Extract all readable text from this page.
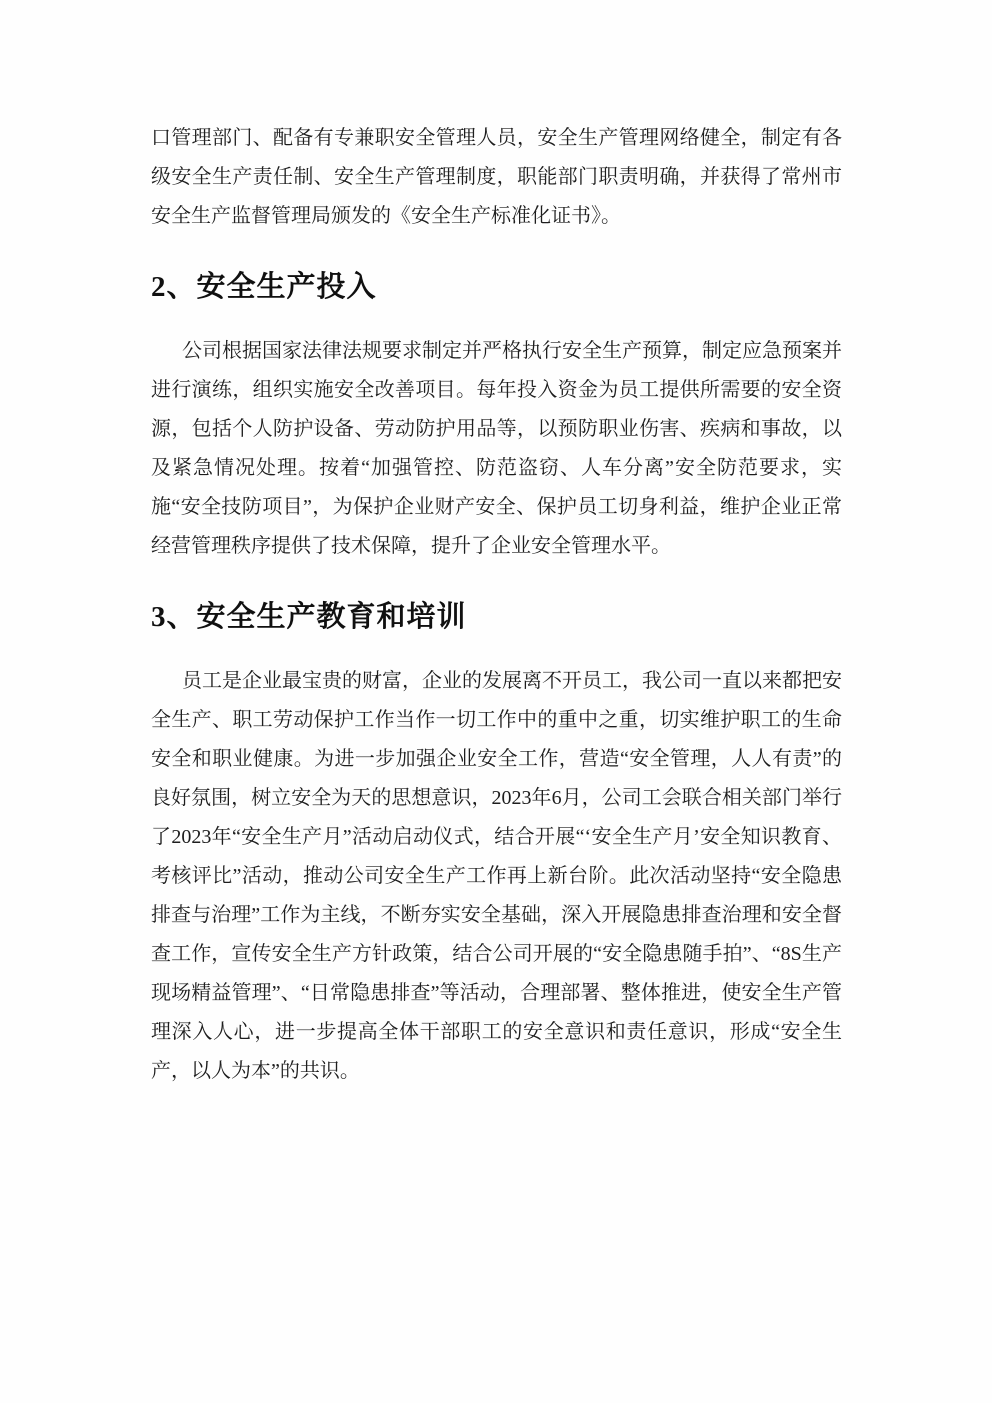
口管理部门、配备有专兼职安全管理人员，安全生产管理网络健全，制定有各级安全生产责任制、安全生产管理制度，职能部门职责明确，并获得了常州市安全生产监督管理局颁发的《安全生产标准化证书》。

2、安全生产投入

公司根据国家法律法规要求制定并严格执行安全生产预算，制定应急预案并进行演练，组织实施安全改善项目。每年投入资金为员工提供所需要的安全资源，包括个人防护设备、劳动防护用品等，以预防职业伤害、疾病和事故，以及紧急情况处理。按着“加强管控、防范盗窃、人车分离”安全防范要求，实施“安全技防项目”，为保护企业财产安全、保护员工切身利益，维护企业正常经营管理秩序提供了技术保障，提升了企业安全管理水平。

3、安全生产教育和培训

员工是企业最宝贵的财富，企业的发展离不开员工，我公司一直以来都把安全生产、职工劳动保护工作当作一切工作中的重中之重，切实维护职工的生命安全和职业健康。为进一步加强企业安全工作，营造“安全管理，人人有责”的良好氛围，树立安全为天的思想意识，2023年6月，公司工会联合相关部门举行了2023年“安全生产月”活动启动仪式，结合开展“‘安全生产月’安全知识教育、考核评比”活动，推动公司安全生产工作再上新台阶。此次活动坚持“安全隐患排查与治理”工作为主线，不断夯实安全基础，深入开展隐患排查治理和安全督查工作，宣传安全生产方针政策，结合公司开展的“安全隐患随手拍”、“8S生产现场精益管理”、“日常隐患排查”等活动，合理部署、整体推进，使安全生产管理深入人心，进一步提高全体干部职工的安全意识和责任意识，形成“安全生产，以人为本”的共识。
